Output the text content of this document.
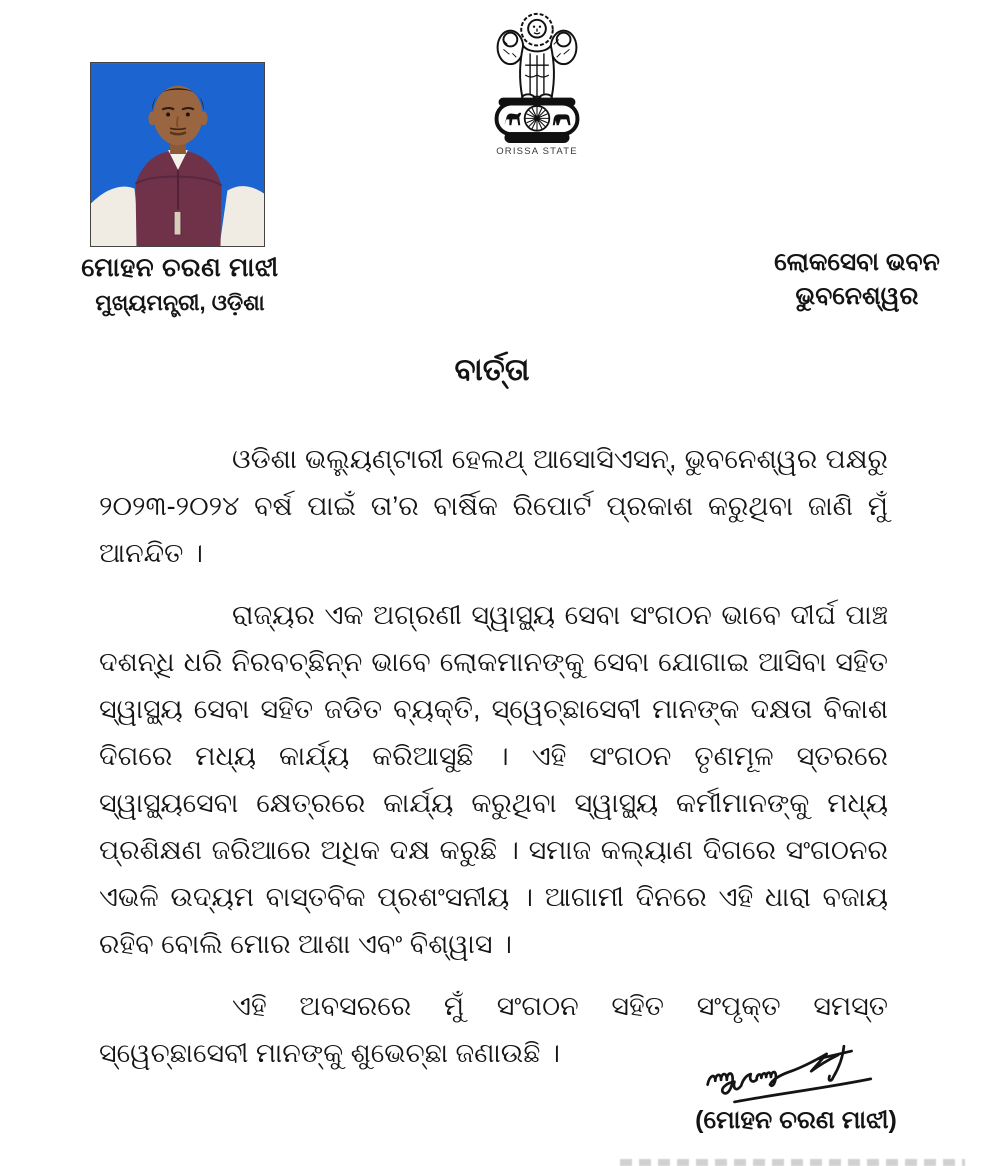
ORISSA STATE
ମୋହନ ଚରଣ ମାଝୀ
ମୁଖ୍ୟମନ୍ତ୍ରୀ, ଓଡ଼ିଶା
ଲୋକସେବା ଭବନ
ଭୁବନେଶ୍ୱର
ବାର୍ତ୍ତା

ଓଡିଶା ଭଲ୍ୟୁଣ୍ଟାରୀ ହେଲଥ୍ ଆସୋସିଏସନ୍, ଭୁବନେଶ୍ୱର ପକ୍ଷରୁ ୨୦୨୩-୨୦୨୪ ବର୍ଷ ପାଇଁ ତା’ର ବାର୍ଷିକ ରିପୋର୍ଟ ପ୍ରକାଶ କରୁଥିବା ଜାଣି ମୁଁ ଆନନ୍ଦିତ ।

ରାଜ୍ୟର ଏକ ଅଗ୍ରଣୀ ସ୍ୱାସ୍ଥ୍ୟ ସେବା ସଂଗଠନ ଭାବେ ଦୀର୍ଘ ପାଞ୍ଚ ଦଶନ୍ଧି ଧରି ନିରବଚ୍ଛିନ୍ନ ଭାବେ ଲୋକମାନଙ୍କୁ ସେବା ଯୋଗାଇ ଆସିବା ସହିତ ସ୍ୱାସ୍ଥ୍ୟ ସେବା ସହିତ ଜଡିତ ବ୍ୟକ୍ତି, ସ୍ୱେଚ୍ଛାସେବୀ ମାନଙ୍କ ଦକ୍ଷତା ବିକାଶ ଦିଗରେ ମଧ୍ୟ କାର୍ଯ୍ୟ କରିଆସୁଛି । ଏହି ସଂଗଠନ ତୃଣମୂଳ ସ୍ତରରେ ସ୍ୱାସ୍ଥ୍ୟସେବା କ୍ଷେତ୍ରରେ କାର୍ଯ୍ୟ କରୁଥିବା ସ୍ୱାସ୍ଥ୍ୟ କର୍ମୀମାନଙ୍କୁ ମଧ୍ୟ ପ୍ରଶିକ୍ଷଣ ଜରିଆରେ ଅଧିକ ଦକ୍ଷ କରୁଛି । ସମାଜ କଲ୍ୟାଣ ଦିଗରେ ସଂଗଠନର ଏଭଳି ଉଦ୍ୟମ ବାସ୍ତବିକ ପ୍ରଶଂସନୀୟ । ଆଗାମୀ ଦିନରେ ଏହି ଧାରା ବଜାୟ ରହିବ ବୋଲି ମୋର ଆଶା ଏବଂ ବିଶ୍ୱାସ ।

ଏହି ଅବସରରେ ମୁଁ ସଂଗଠନ ସହିତ ସଂପୃକ୍ତ ସମସ୍ତ ସ୍ୱେଚ୍ଛାସେବୀ ମାନଙ୍କୁ ଶୁଭେଚ୍ଛା ଜଣାଉଛି ।

(ମୋହନ ଚରଣ ମାଝୀ)
